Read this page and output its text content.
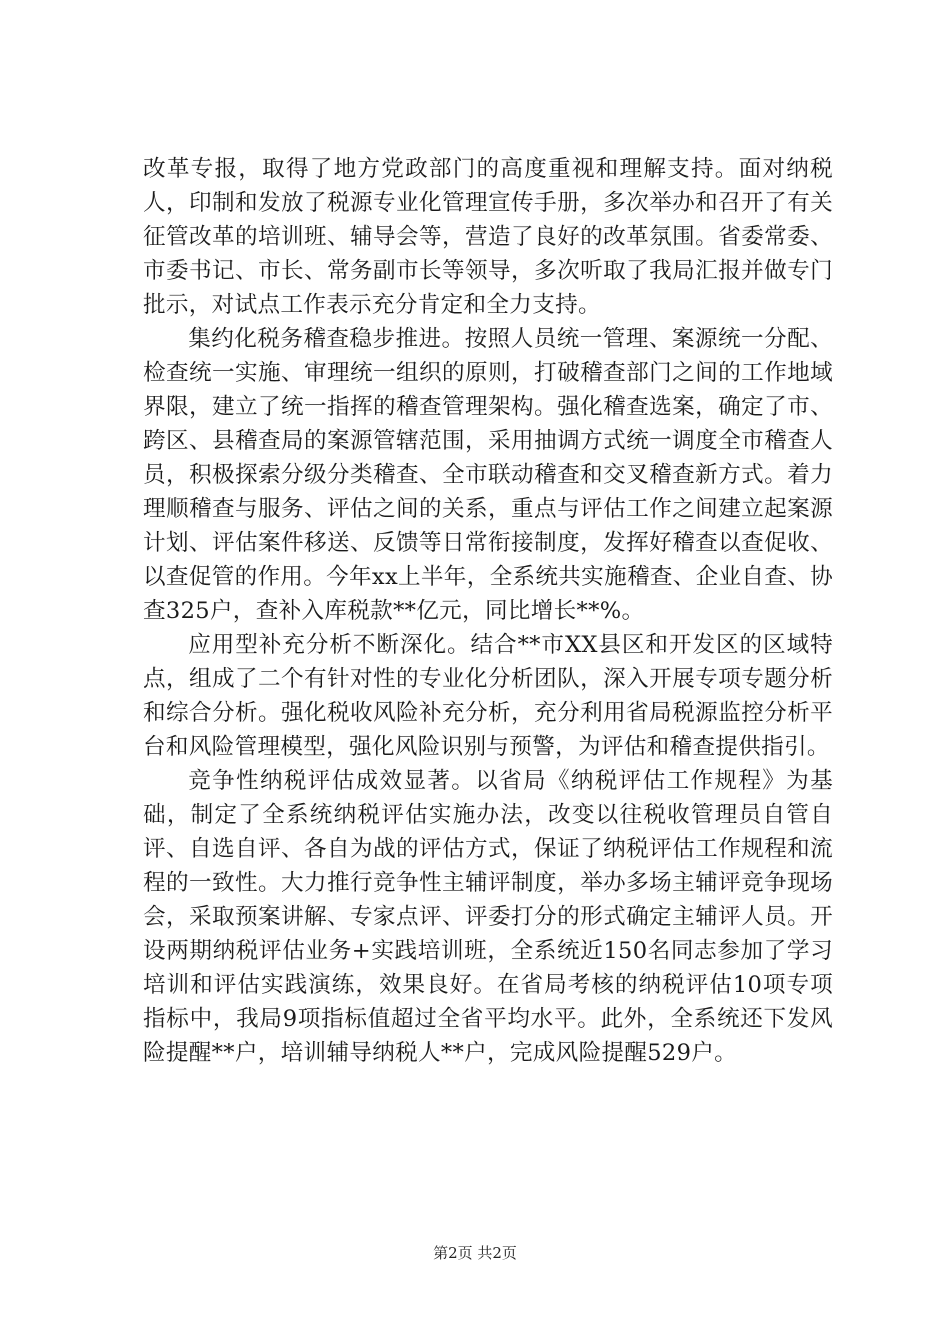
改革专报，取得了地方党政部门的高度重视和理解支持。面对纳税人，印制和发放了税源专业化管理宣传手册，多次举办和召开了有关征管改革的培训班、辅导会等，营造了良好的改革氛围。省委常委、市委书记、市长、常务副市长等领导，多次听取了我局汇报并做专门批示，对试点工作表示充分肯定和全力支持。

集约化税务稽查稳步推进。按照人员统一管理、案源统一分配、检查统一实施、审理统一组织的原则，打破稽查部门之间的工作地域界限，建立了统一指挥的稽查管理架构。强化稽查选案，确定了市、跨区、县稽查局的案源管辖范围，采用抽调方式统一调度全市稽查人员，积极探索分级分类稽查、全市联动稽查和交叉稽查新方式。着力理顺稽查与服务、评估之间的关系，重点与评估工作之间建立起案源计划、评估案件移送、反馈等日常衔接制度，发挥好稽查以查促收、以查促管的作用。今年xx上半年，全系统共实施稽查、企业自查、协查325户，查补入库税款**亿元，同比增长**%。

应用型补充分析不断深化。结合**市XX县区和开发区的区域特点，组成了二个有针对性的专业化分析团队，深入开展专项专题分析和综合分析。强化税收风险补充分析，充分利用省局税源监控分析平台和风险管理模型，强化风险识别与预警，为评估和稽查提供指引。

竞争性纳税评估成效显著。以省局《纳税评估工作规程》为基础，制定了全系统纳税评估实施办法，改变以往税收管理员自管自评、自选自评、各自为战的评估方式，保证了纳税评估工作规程和流程的一致性。大力推行竞争性主辅评制度，举办多场主辅评竞争现场会，采取预案讲解、专家点评、评委打分的形式确定主辅评人员。开设两期纳税评估业务+实践培训班，全系统近150名同志参加了学习培训和评估实践演练，效果良好。在省局考核的纳税评估10项专项指标中，我局9项指标值超过全省平均水平。此外，全系统还下发风险提醒**户，培训辅导纳税人**户，完成风险提醒529户。

第2页 共2页
